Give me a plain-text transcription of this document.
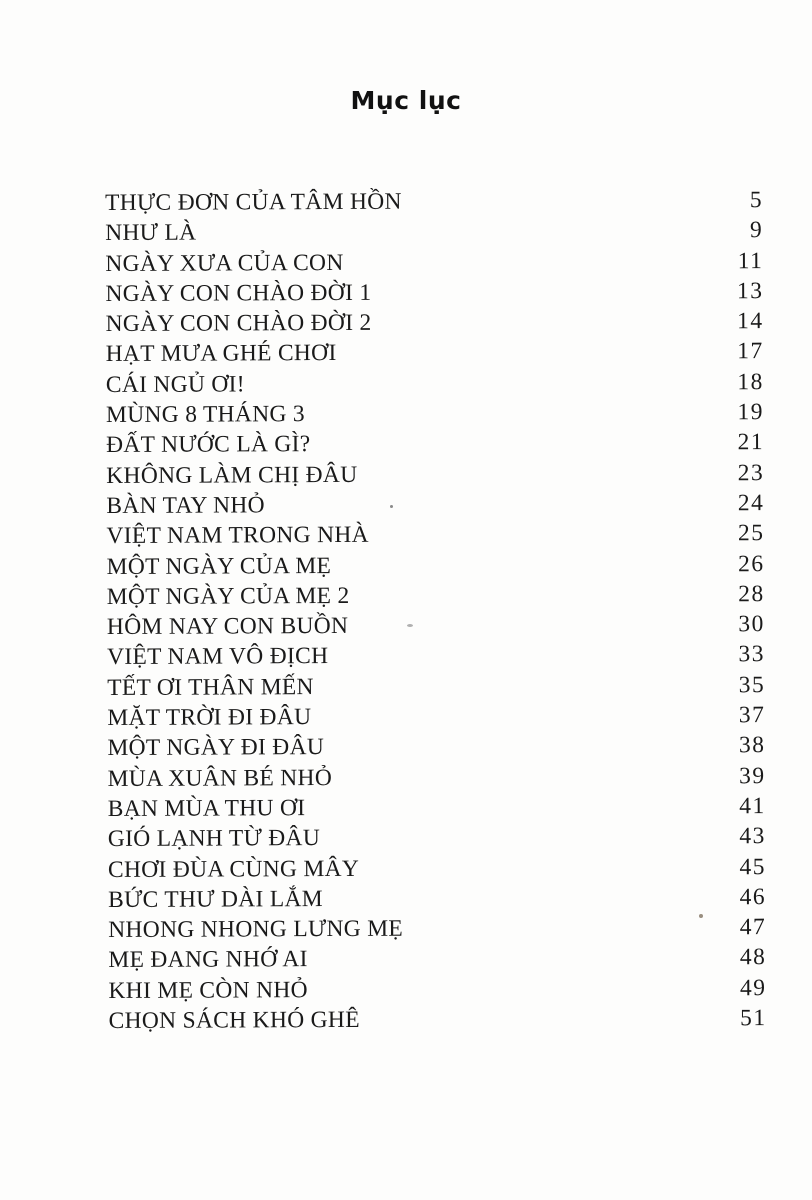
Mục lục
THỰC ĐƠN CỦA TÂM HỒN	5
NHƯ LÀ	9
NGÀY XƯA CỦA CON	11
NGÀY CON CHÀO ĐỜI 1	13
NGÀY CON CHÀO ĐỜI 2	14
HẠT MƯA GHÉ CHƠI	17
CÁI NGỦ ƠI!	18
MÙNG 8 THÁNG 3	19
ĐẤT NƯỚC LÀ GÌ?	21
KHÔNG LÀM CHỊ ĐÂU	23
BÀN TAY NHỎ	24
VIỆT NAM TRONG NHÀ	25
MỘT NGÀY CỦA MẸ	26
MỘT NGÀY CỦA MẸ 2	28
HÔM NAY CON BUỒN	30
VIỆT NAM VÔ ĐỊCH	33
TẾT ƠI THÂN MẾN	35
MẶT TRỜI ĐI ĐÂU	37
MỘT NGÀY ĐI ĐÂU	38
MÙA XUÂN BÉ NHỎ	39
BẠN MÙA THU ƠI	41
GIÓ LẠNH TỪ ĐÂU	43
CHƠI ĐÙA CÙNG MÂY	45
BỨC THƯ DÀI LẮM	46
NHONG NHONG LƯNG MẸ	47
MẸ ĐANG NHỚ AI	48
KHI MẸ CÒN NHỎ	49
CHỌN SÁCH KHÓ GHÊ	51
